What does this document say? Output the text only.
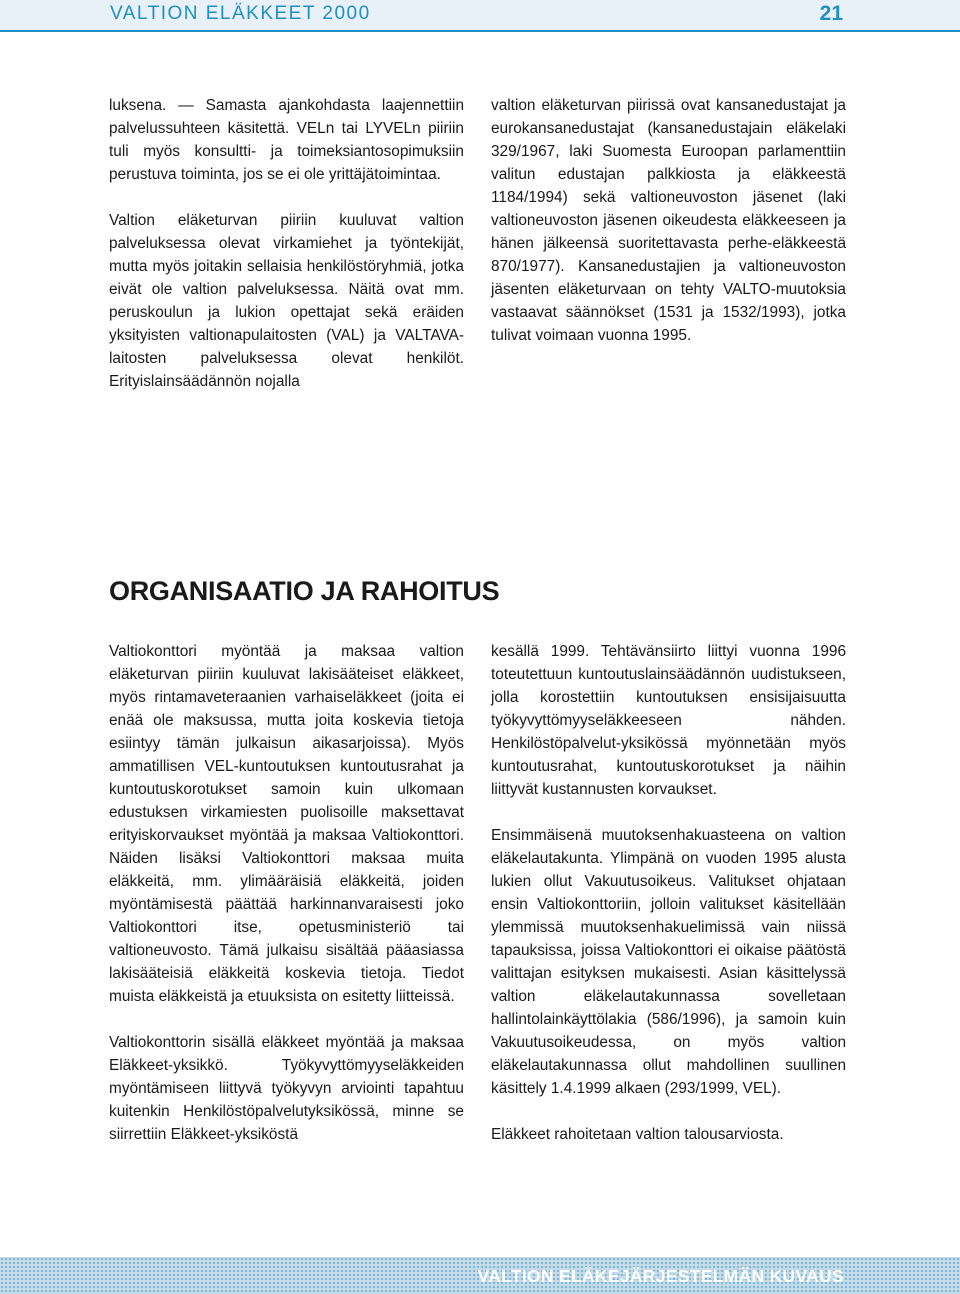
VALTION ELÄKKEET 2000	21

luksena. — Samasta ajankohdasta laajennettiin palvelussuhteen käsitettä. VELn tai LYVELn piiriin tuli myös konsultti- ja toimeksiantosopimuksiin perustuva toiminta, jos se ei ole yrittäjätoimintaa.

Valtion eläketurvan piiriin kuuluvat valtion palveluksessa olevat virkamiehet ja työntekijät, mutta myös joitakin sellaisia henkilöstöryhmiä, jotka eivät ole valtion palveluksessa. Näitä ovat mm. peruskoulun ja lukion opettajat sekä eräiden yksityisten valtionapulaitosten (VAL) ja VALTAVA-laitosten palveluksessa olevat henkilöt. Erityislainsäädännön nojalla

valtion eläketurvan piirissä ovat kansanedustajat ja eurokansanedustajat (kansanedustajain eläkelaki 329/1967, laki Suomesta Euroopan parlamenttiin valitun edustajan palkkiosta ja eläkkeestä 1184/1994) sekä valtioneuvoston jäsenet (laki valtioneuvoston jäsenen oikeudesta eläkkeeseen ja hänen jälkeensä suoritettavasta perhe-eläkkeestä 870/1977). Kansanedustajien ja valtioneuvoston jäsenten eläketurvaan on tehty VALTO-muutoksia vastaavat säännökset (1531 ja 1532/1993), jotka tulivat voimaan vuonna 1995.

ORGANISAATIO JA RAHOITUS

Valtiokonttori myöntää ja maksaa valtion eläketurvan piiriin kuuluvat lakisääteiset eläkkeet, myös rintamaveteraanien varhaiseläkkeet (joita ei enää ole maksussa, mutta joita koskevia tietoja esiintyy tämän julkaisun aikasarjoissa). Myös ammatillisen VEL-kuntoutuksen kuntoutusrahat ja kuntoutuskorotukset samoin kuin ulkomaan edustuksen virkamiesten puolisoille maksettavat erityiskorvaukset myöntää ja maksaa Valtiokonttori. Näiden lisäksi Valtiokonttori maksaa muita eläkkeitä, mm. ylimääräisiä eläkkeitä, joiden myöntämisestä päättää harkinnanvaraisesti joko Valtiokonttori itse, opetusministeriö tai valtioneuvosto. Tämä julkaisu sisältää pääasiassa lakisääteisiä eläkkeitä koskevia tietoja. Tiedot muista eläkkeistä ja etuuksista on esitetty liitteissä.

Valtiokonttorin sisällä eläkkeet myöntää ja maksaa Eläkkeet-yksikkö. Työkyvyttömyyseläkkeiden myöntämiseen liittyvä työkyvyn arviointi tapahtuu kuitenkin Henkilöstöpalvelutyksikössä, minne se siirrettiin Eläkkeet-yksiköstä

kesällä 1999. Tehtävänsiirto liittyi vuonna 1996 toteutettuun kuntoutuslainsäädännön uudistukseen, jolla korostettiin kuntoutuksen ensisijaisuutta työkyvyttömyyseläkkeeseen nähden. Henkilöstöpalvelut-yksikössä myönnetään myös kuntoutusrahat, kuntoutuskorotukset ja näihin liittyvät kustannusten korvaukset.

Ensimmäisenä muutoksenhakuasteena on valtion eläkelautakunta. Ylimpänä on vuoden 1995 alusta lukien ollut Vakuutusoikeus. Valitukset ohjataan ensin Valtiokonttoriin, jolloin valitukset käsitellään ylemmissä muutoksenhakuelimissä vain niissä tapauksissa, joissa Valtiokonttori ei oikaise päätöstä valittajan esityksen mukaisesti. Asian käsittelyssä valtion eläkelautakunnassa sovelletaan hallintolainkäyttölakia (586/1996), ja samoin kuin Vakuutusoikeudessa, on myös valtion eläkelautakunnassa ollut mahdollinen suullinen käsittely 1.4.1999 alkaen (293/1999, VEL).

Eläkkeet rahoitetaan valtion talousarviosta.

VALTION ELÄKEJÄRJESTELMÄN KUVAUS
